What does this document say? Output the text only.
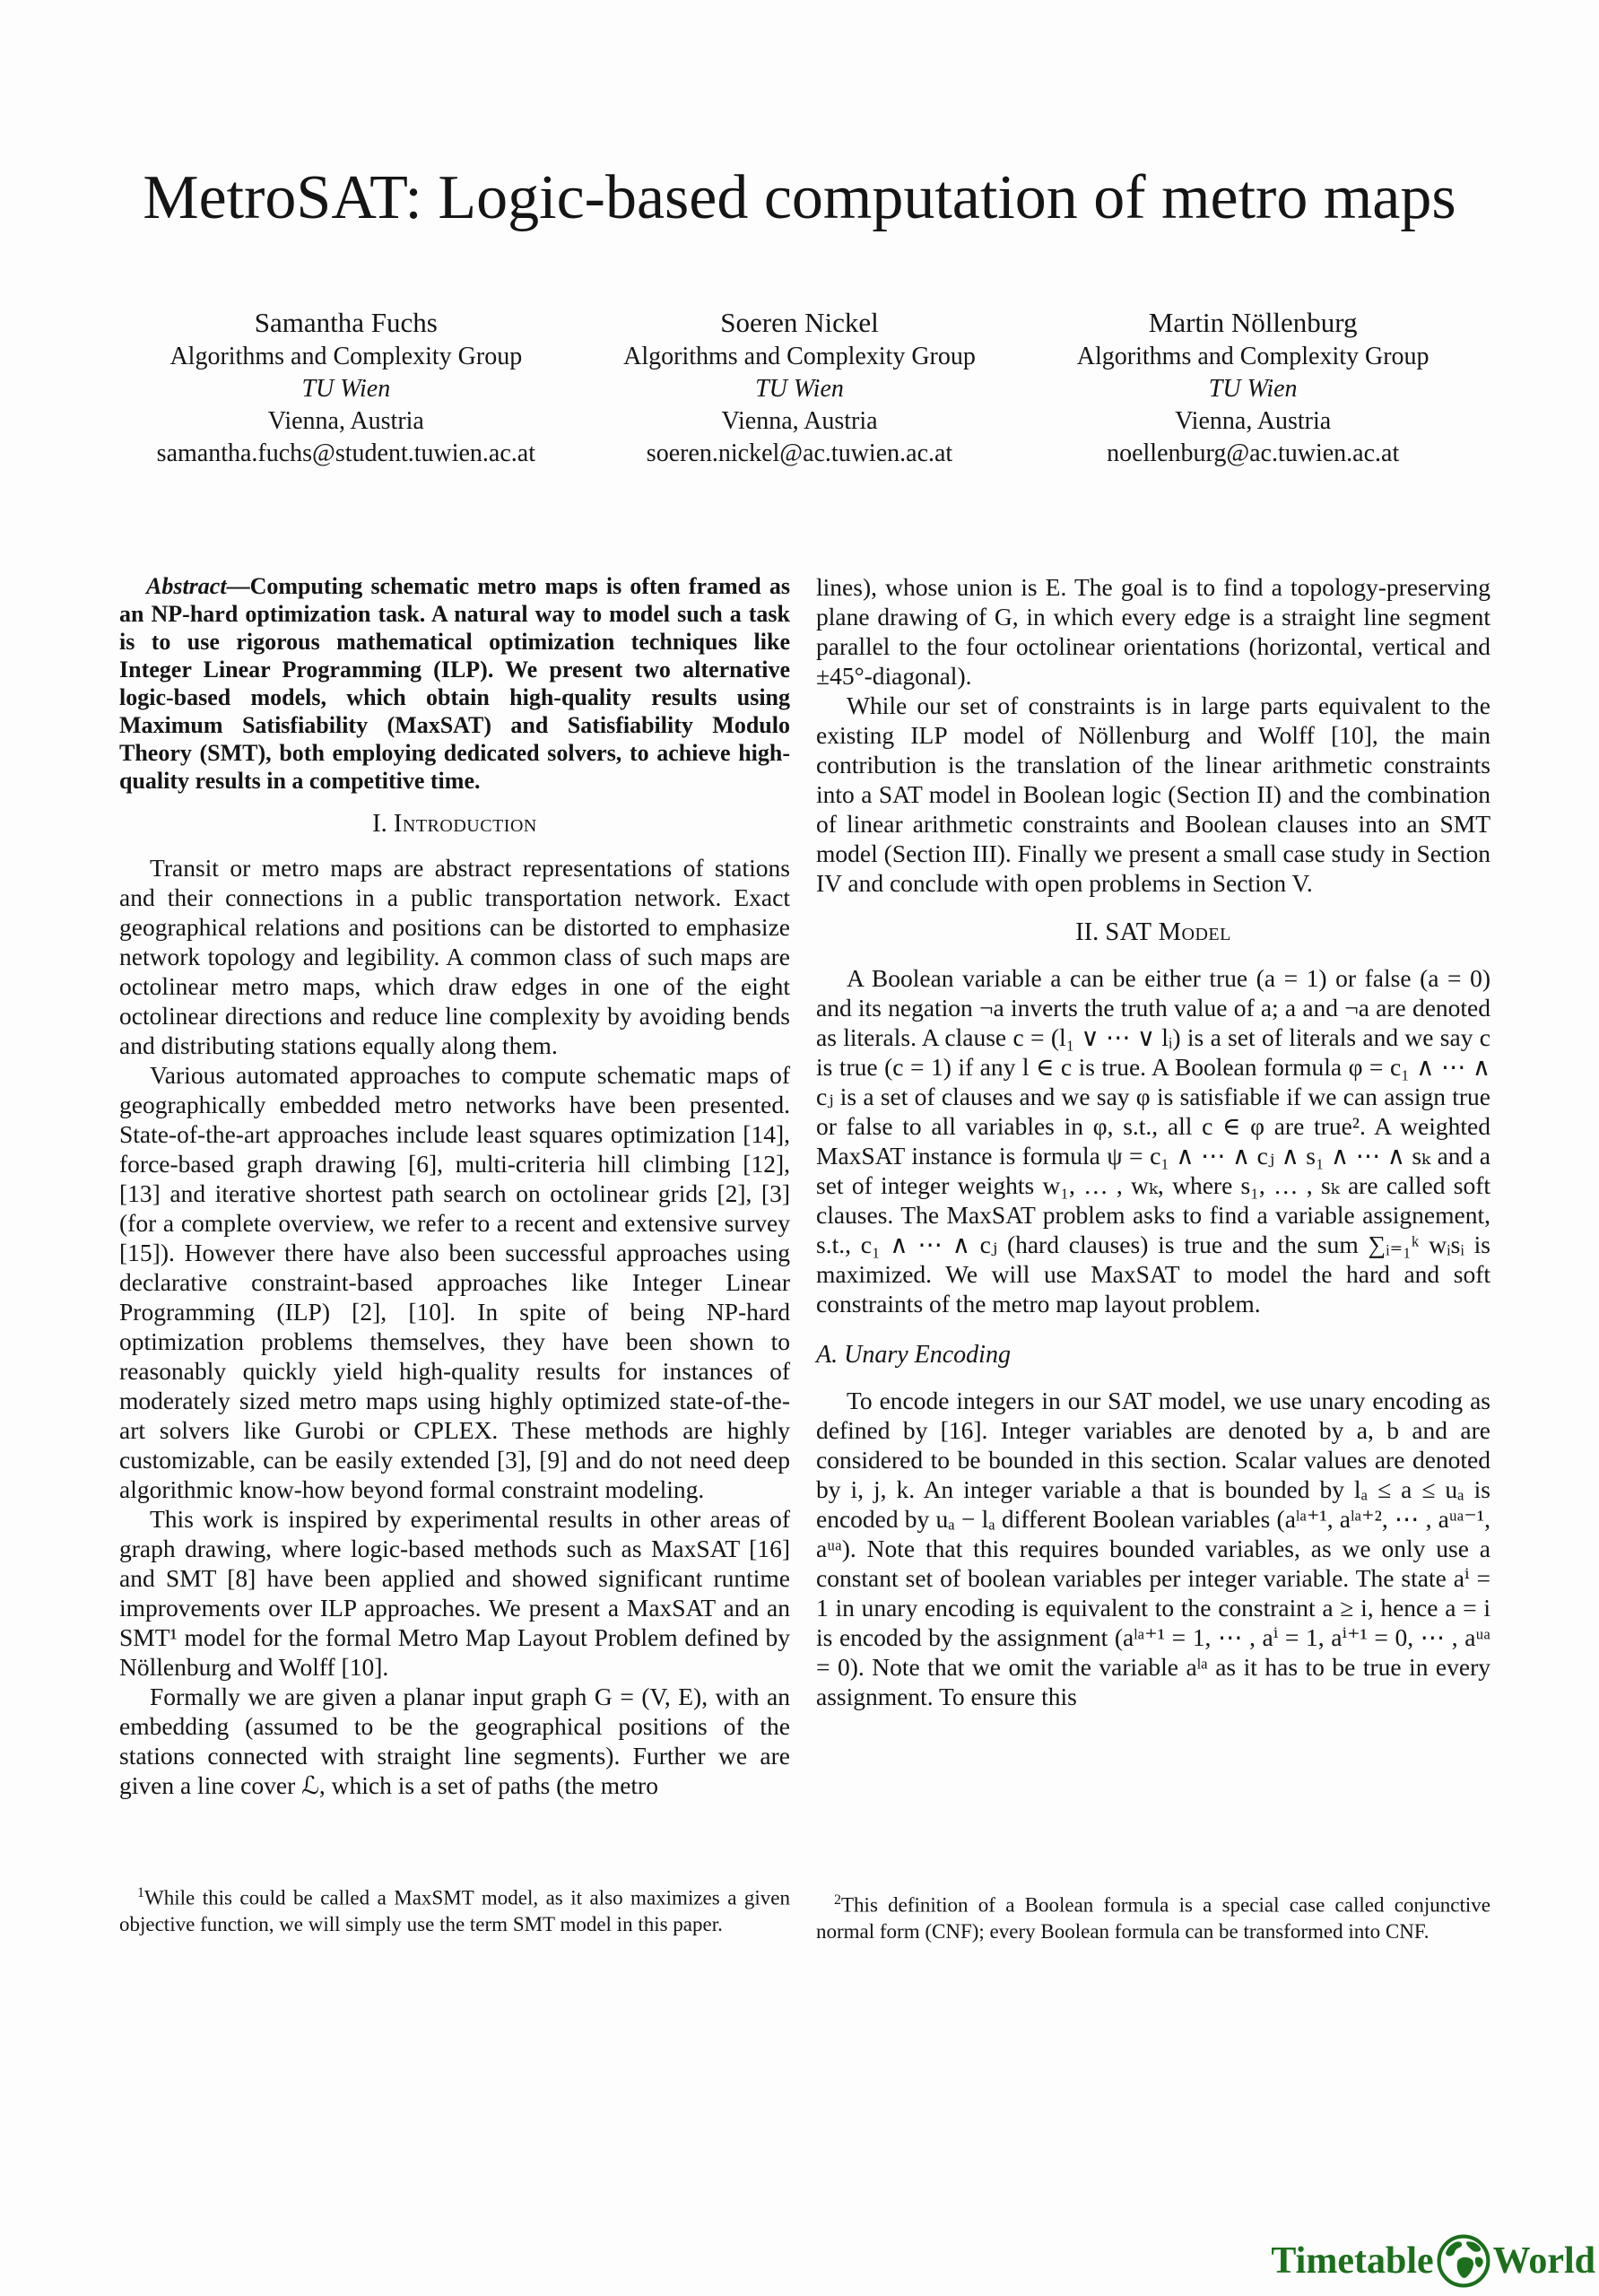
MetroSAT: Logic-based computation of metro maps
Samantha Fuchs
Algorithms and Complexity Group
TU Wien
Vienna, Austria
samantha.fuchs@student.tuwien.ac.at
Soeren Nickel
Algorithms and Complexity Group
TU Wien
Vienna, Austria
soeren.nickel@ac.tuwien.ac.at
Martin Nöllenburg
Algorithms and Complexity Group
TU Wien
Vienna, Austria
noellenburg@ac.tuwien.ac.at

Abstract—Computing schematic metro maps is often framed as an NP-hard optimization task. A natural way to model such a task is to use rigorous mathematical optimization techniques like Integer Linear Programming (ILP). We present two alternative logic-based models, which obtain high-quality results using Maximum Satisfiability (MaxSAT) and Satisfiability Modulo Theory (SMT), both employing dedicated solvers, to achieve high-quality results in a competitive time.

I. Introduction

Transit or metro maps are abstract representations of stations and their connections in a public transportation network. Exact geographical relations and positions can be distorted to emphasize network topology and legibility. A common class of such maps are octolinear metro maps, which draw edges in one of the eight octolinear directions and reduce line complexity by avoiding bends and distributing stations equally along them.

Various automated approaches to compute schematic maps of geographically embedded metro networks have been presented. State-of-the-art approaches include least squares optimization [14], force-based graph drawing [6], multi-criteria hill climbing [12], [13] and iterative shortest path search on octolinear grids [2], [3] (for a complete overview, we refer to a recent and extensive survey [15]). However there have also been successful approaches using declarative constraint-based approaches like Integer Linear Programming (ILP) [2], [10]. In spite of being NP-hard optimization problems themselves, they have been shown to reasonably quickly yield high-quality results for instances of moderately sized metro maps using highly optimized state-of-the-art solvers like Gurobi or CPLEX. These methods are highly customizable, can be easily extended [3], [9] and do not need deep algorithmic know-how beyond formal constraint modeling.

This work is inspired by experimental results in other areas of graph drawing, where logic-based methods such as MaxSAT [16] and SMT [8] have been applied and showed significant runtime improvements over ILP approaches. We present a MaxSAT and an SMT¹ model for the formal Metro Map Layout Problem defined by Nöllenburg and Wolff [10].

Formally we are given a planar input graph G = (V, E), with an embedding (assumed to be the geographical positions of the stations connected with straight line segments). Further we are given a line cover ℒ, which is a set of paths (the metro

lines), whose union is E. The goal is to find a topology-preserving plane drawing of G, in which every edge is a straight line segment parallel to the four octolinear orientations (horizontal, vertical and ±45°-diagonal).

While our set of constraints is in large parts equivalent to the existing ILP model of Nöllenburg and Wolff [10], the main contribution is the translation of the linear arithmetic constraints into a SAT model in Boolean logic (Section II) and the combination of linear arithmetic constraints and Boolean clauses into an SMT model (Section III). Finally we present a small case study in Section IV and conclude with open problems in Section V.

II. SAT Model

A Boolean variable a can be either true (a = 1) or false (a = 0) and its negation ¬a inverts the truth value of a; a and ¬a are denoted as literals. A clause c = (l₁ ∨ ⋯ ∨ lᵢ) is a set of literals and we say c is true (c = 1) if any l ∈ c is true. A Boolean formula φ = c₁ ∧ ⋯ ∧ cⱼ is a set of clauses and we say φ is satisfiable if we can assign true or false to all variables in φ, s.t., all c ∈ φ are true². A weighted MaxSAT instance is formula ψ = c₁ ∧ ⋯ ∧ cⱼ ∧ s₁ ∧ ⋯ ∧ sₖ and a set of integer weights w₁, … , wₖ, where s₁, … , sₖ are called soft clauses. The MaxSAT problem asks to find a variable assignement, s.t., c₁ ∧ ⋯ ∧ cⱼ (hard clauses) is true and the sum ∑ᵢ₌₁ᵏ wᵢsᵢ is maximized. We will use MaxSAT to model the hard and soft constraints of the metro map layout problem.

A. Unary Encoding

To encode integers in our SAT model, we use unary encoding as defined by [16]. Integer variables are denoted by a, b and are considered to be bounded in this section. Scalar values are denoted by i, j, k. An integer variable a that is bounded by lₐ ≤ a ≤ uₐ is encoded by uₐ − lₐ different Boolean variables (aˡᵃ⁺¹, aˡᵃ⁺², ⋯ , aᵘᵃ⁻¹, aᵘᵃ). Note that this requires bounded variables, as we only use a constant set of boolean variables per integer variable. The state aⁱ = 1 in unary encoding is equivalent to the constraint a ≥ i, hence a = i is encoded by the assignment (aˡᵃ⁺¹ = 1, ⋯ , aⁱ = 1, aⁱ⁺¹ = 0, ⋯ , aᵘᵃ = 0). Note that we omit the variable aˡᵃ as it has to be true in every assignment. To ensure this

$^1$While this could be called a MaxSMT model, as it also maximizes a given objective function, we will simply use the term SMT model in this paper.

$^2$This definition of a Boolean formula is a special case called conjunctive normal form (CNF); every Boolean formula can be transformed into CNF.

Timetable World
